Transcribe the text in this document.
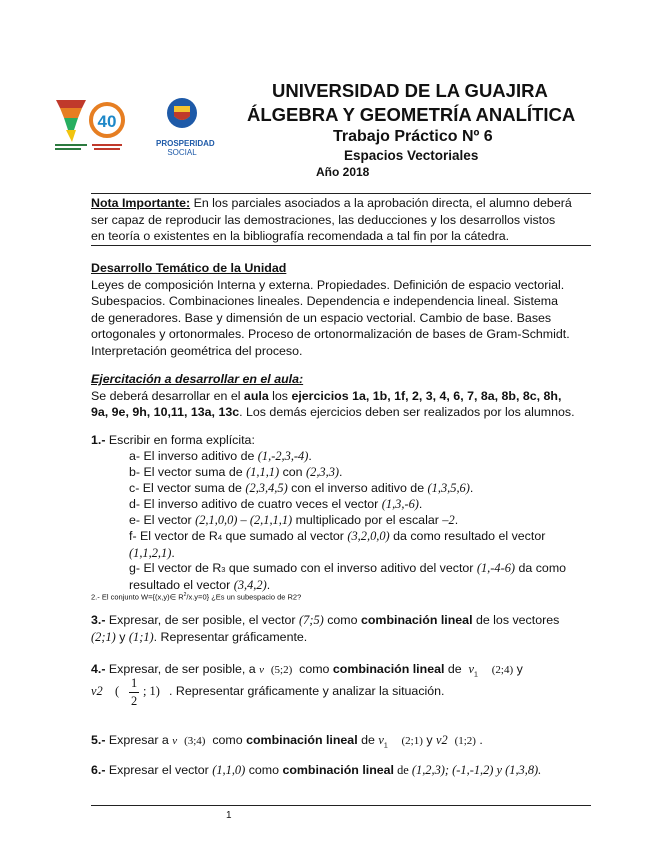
40
PROSPERIDAD
SOCIAL
UNIVERSIDAD DE LA GUAJIRA
ÁLGEBRA Y GEOMETRÍA ANALÍTICA
Trabajo Práctico Nº 6
Espacios Vectoriales
Año 2018
Nota Importante: En los parciales asociados a la aprobación directa, el alumno deberá
ser capaz de reproducir las demostraciones, las deducciones y los desarrollos vistos
en teoría o existentes en la bibliografía recomendada a tal fin por la cátedra.
Desarrollo Temático de la Unidad
Leyes de composición Interna y externa. Propiedades. Definición de espacio vectorial.
Subespacios. Combinaciones lineales. Dependencia e independencia lineal. Sistema
de generadores. Base y dimensión de un espacio vectorial. Cambio de base. Bases
ortogonales y ortonormales. Proceso de ortonormalización de bases de Gram-Schmidt.
Interpretación geométrica del proceso.
Ejercitación a desarrollar en el aula:
Se deberá desarrollar en el aula los ejercicios 1a, 1b, 1f, 2, 3, 4, 6, 7, 8a, 8b, 8c, 8h,
9a, 9e, 9h, 10,11, 13a, 13c. Los demás ejercicios deben ser realizados por los alumnos.
1.- Escribir en forma explícita:
a- El inverso aditivo de (1,-2,3,-4).
b- El vector suma de (1,1,1) con (2,3,3).
c- El vector suma de (2,3,4,5) con el inverso aditivo de (1,3,5,6).
d- El inverso aditivo de cuatro veces el vector (1,3,-6).
e- El vector (2,1,0,0) – (2,1,1,1) multiplicado por el escalar –2.
f- El vector de R4 que sumado al vector (3,2,0,0) da como resultado el vector
(1,1,2,1).
g- El vector de R3 que sumado con el inverso aditivo del vector (1,-4-6) da como
resultado el vector (3,4,2).
2.- El conjunto W={(x,y)∈ $R^2/x.y=0$} ¿Es un subespacio de R2?
3.- Expresar, de ser posible, el vector (7;5) como combinación lineal de los vectores
(2;1) y (1;1). Representar gráficamente.
4.- Expresar, de ser posible, a v (5;2)  como combinación lineal de  $v_1$ (2;4) y
v2 (
1
2
; 1) . Representar gráficamente y analizar la situación.
5.- Expresar a v (3;4)  como combinación lineal de $v_1$ (2;1) y v2 (1;2) .
6.- Expresar el vector (1,1,0) como combinación lineal de (1,2,3); (-1,-1,2) y (1,3,8).
1
